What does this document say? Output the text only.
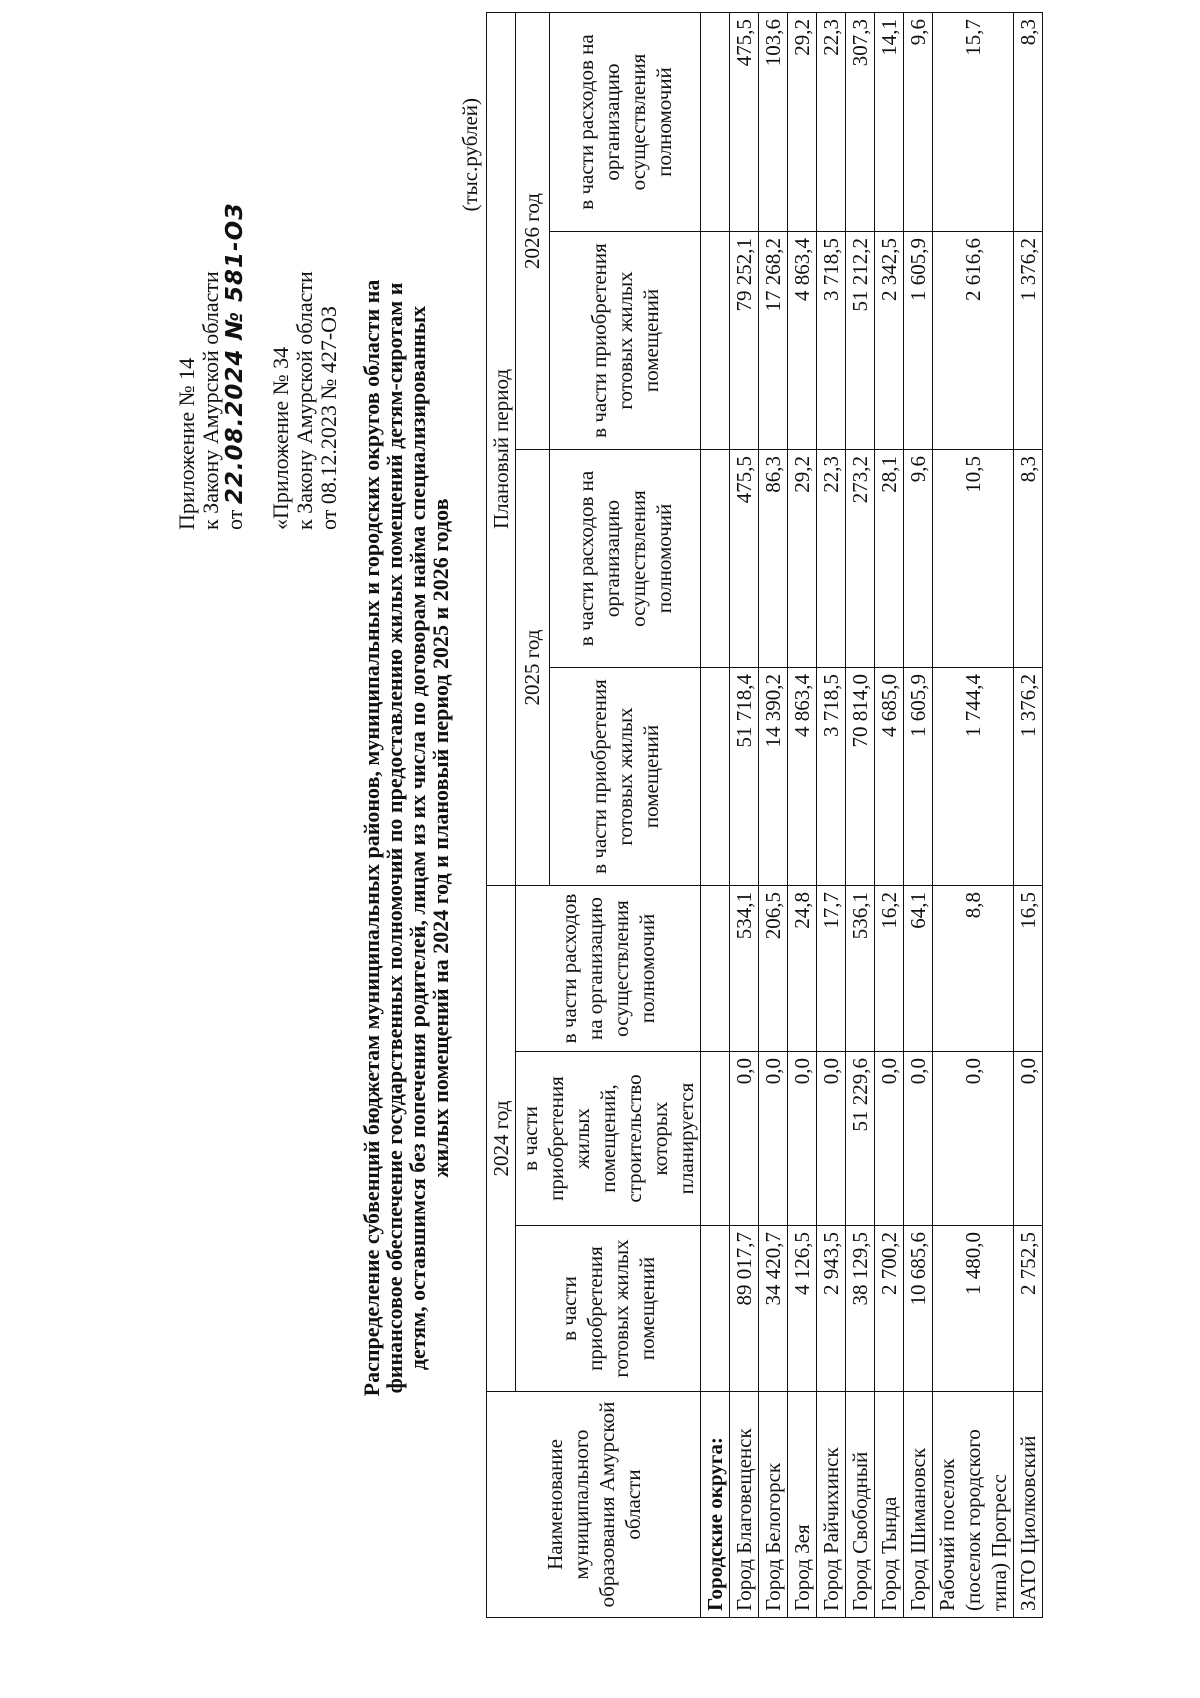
Приложение № 14 к Закону Амурской области от 22.08.2024 № 581-ОЗ «Приложение № 34 к Закону Амурской области от 08.12.2023 № 427-ОЗ Распределение субвенций бюджетам муниципальных районов, муниципальных и городских округов области на финансовое обеспечение государственных полномочий по предоставлению жилых помещений детям-сиротам и детям, оставшимся без попечения родителей, лицам из их числа по договорам найма специализированных жилых помещений на 2024 год и плановый период 2025 и 2026 годов
(тыс.рублей)
Наименование муниципального образования Амурской области	2024 год			Плановый период			
	в части приобретения готовых жилых помещений	в части приобретения жилых помещений, строительство которых планируется	в части расходов на организацию осуществления полномочий	2025 год		2026 год	
				в части приобретения готовых жилых помещений	в части расходов на организацию осуществления полномочий	в части приобретения готовых жилых помещений	в части расходов на организацию осуществления полномочий
Городские округа:							
Город Благовещенск	89 017,7	0,0	534,1	51 718,4	475,5	79 252,1	475,5
Город Белогорск	34 420,7	0,0	206,5	14 390,2	86,3	17 268,2	103,6
Город Зея	4 126,5	0,0	24,8	4 863,4	29,2	4 863,4	29,2
Город Райчихинск	2 943,5	0,0	17,7	3 718,5	22,3	3 718,5	22,3
Город Свободный	38 129,5	51 229,6	536,1	70 814,0	273,2	51 212,2	307,3
Город Тында	2 700,2	0,0	16,2	4 685,0	28,1	2 342,5	14,1
Город Шимановск	10 685,6	0,0	64,1	1 605,9	9,6	1 605,9	9,6
Рабочий поселок (поселок городского типа) Прогресс	1 480,0	0,0	8,8	1 744,4	10,5	2 616,6	15,7
ЗАТО Циолковский	2 752,5	0,0	16,5	1 376,2	8,3	1 376,2	8,3
